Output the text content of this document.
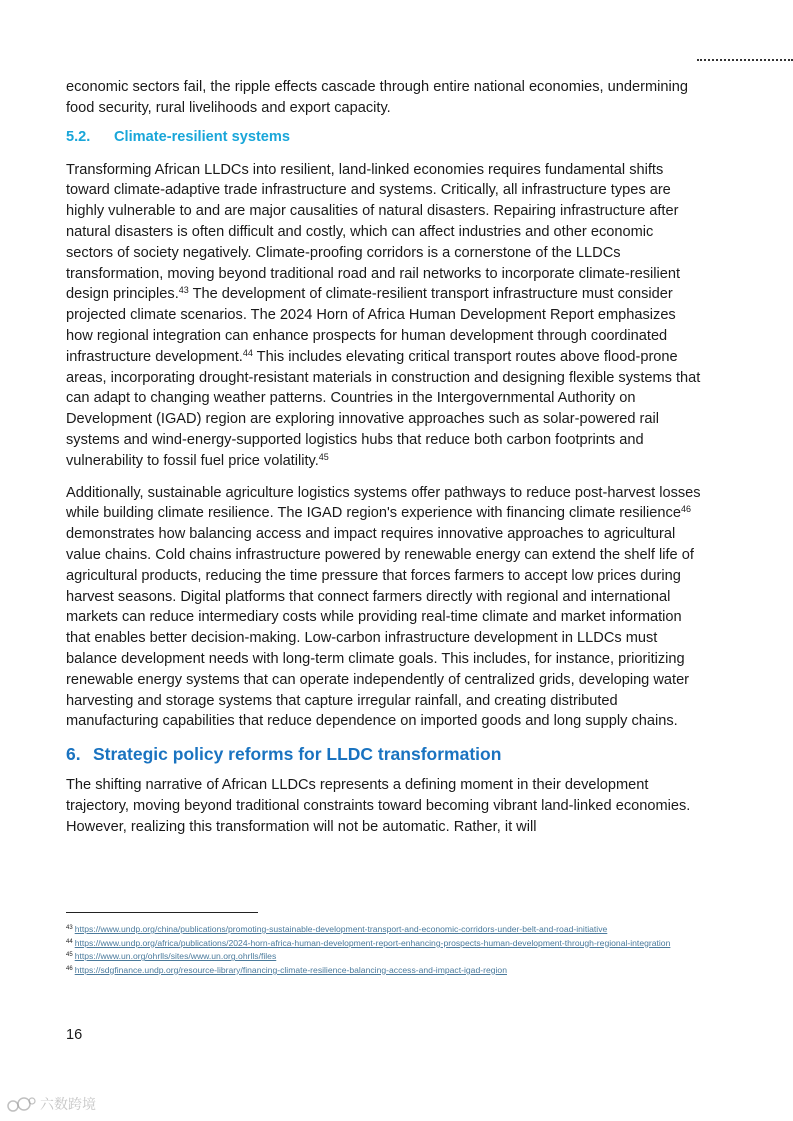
economic sectors fail, the ripple effects cascade through entire national economies, undermining food security, rural livelihoods and export capacity.

5.2. Climate-resilient systems

Transforming African LLDCs into resilient, land-linked economies requires fundamental shifts toward climate-adaptive trade infrastructure and systems. Critically, all infrastructure types are highly vulnerable to and are major causalities of natural disasters. Repairing infrastructure after natural disasters is often difficult and costly, which can affect industries and other economic sectors of society negatively. Climate-proofing corridors is a cornerstone of the LLDCs transformation, moving beyond traditional road and rail networks to incorporate climate-resilient design principles.$^{43}$ The development of climate-resilient transport infrastructure must consider projected climate scenarios. The 2024 Horn of Africa Human Development Report emphasizes how regional integration can enhance prospects for human development through coordinated infrastructure development.$^{44}$ This includes elevating critical transport routes above flood-prone areas, incorporating drought-resistant materials in construction and designing flexible systems that can adapt to changing weather patterns. Countries in the Intergovernmental Authority on Development (IGAD) region are exploring innovative approaches such as solar-powered rail systems and wind-energy-supported logistics hubs that reduce both carbon footprints and vulnerability to fossil fuel price volatility.$^{45}$

Additionally, sustainable agriculture logistics systems offer pathways to reduce post-harvest losses while building climate resilience. The IGAD region's experience with financing climate resilience$^{46}$ demonstrates how balancing access and impact requires innovative approaches to agricultural value chains. Cold chains infrastructure powered by renewable energy can extend the shelf life of agricultural products, reducing the time pressure that forces farmers to accept low prices during harvest seasons. Digital platforms that connect farmers directly with regional and international markets can reduce intermediary costs while providing real-time climate and market information that enables better decision-making. Low-carbon infrastructure development in LLDCs must balance development needs with long-term climate goals. This includes, for instance, prioritizing renewable energy systems that can operate independently of centralized grids, developing water harvesting and storage systems that capture irregular rainfall, and creating distributed manufacturing capabilities that reduce dependence on imported goods and long supply chains.

6. Strategic policy reforms for LLDC transformation

The shifting narrative of African LLDCs represents a defining moment in their development trajectory, moving beyond traditional constraints toward becoming vibrant land-linked economies. However, realizing this transformation will not be automatic. Rather, it will

$^{43}$ https://www.undp.org/china/publications/promoting-sustainable-development-transport-and-economic-corridors-under-belt-and-road-initiative

$^{44}$ https://www.undp.org/africa/publications/2024-horn-africa-human-development-report-enhancing-prospects-human-development-through-regional-integration

$^{45}$ https://www.un.org/ohrlls/sites/www.un.org.ohrlls/files

$^{46}$ https://sdgfinance.undp.org/resource-library/financing-climate-resilience-balancing-access-and-impact-igad-region

16
六数跨境
